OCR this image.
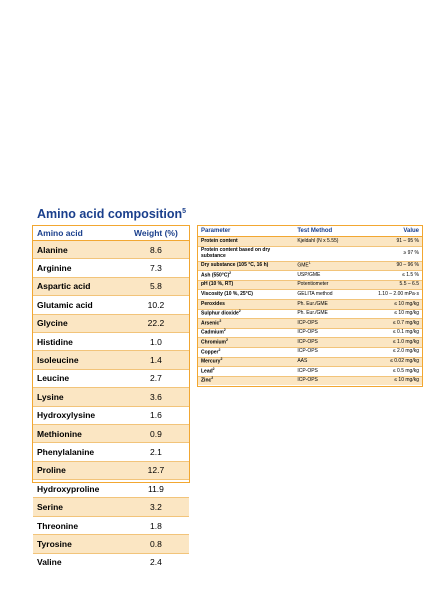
Amino acid composition$^5$
Amino acid	Weight (%)
Alanine	8.6
Arginine	7.3
Aspartic acid	5.8
Glutamic acid	10.2
Glycine	22.2
Histidine	1.0
Isoleucine	1.4
Leucine	2.7
Lysine	3.6
Hydroxylysine	1.6
Methionine	0.9
Phenylalanine	2.1
Proline	12.7
Hydroxyproline	11.9
Serine	3.2
Threonine	1.8
Tyrosine	0.8
Valine	2.4
Parameter	Test Method	Value
Protein content	Kjeldahl (N x 5.55)	91 – 95 %
Protein content based on dry substance		≥ 97 %
Dry substance (105 °C, 16 h)	GME$^1$	90 – 96 %
Ash $(550^\circ C)^2$	USP/GME	≤ 1.5 %
pH (10 %, RT)	Potentiometer	5.5 – 6.5
Viscosity (10 %, 25°C)	GELITA method	1.10 – 2.00 mPa·s
Peroxides	Ph. Eur./GME	≤ 10 mg/kg
Sulphur dioxide$^2$	Ph. Eur./GME	≤ 10 mg/kg
Arsenic$^2$	ICP-OPS	≤ 0.7 mg/kg
Cadmium$^2$	ICP-OPS	≤ 0.1 mg/kg
Chromium$^2$	ICP-OPS	≤ 1.0 mg/kg
Copper$^2$	ICP-OPS	≤ 2.0 mg/kg
Mercury$^2$	AAS	≤ 0.02 mg/kg
Lead$^2$	ICP-OPS	≤ 0.5 mg/kg
Zinc$^2$	ICP-OPS	≤ 10 mg/kg
